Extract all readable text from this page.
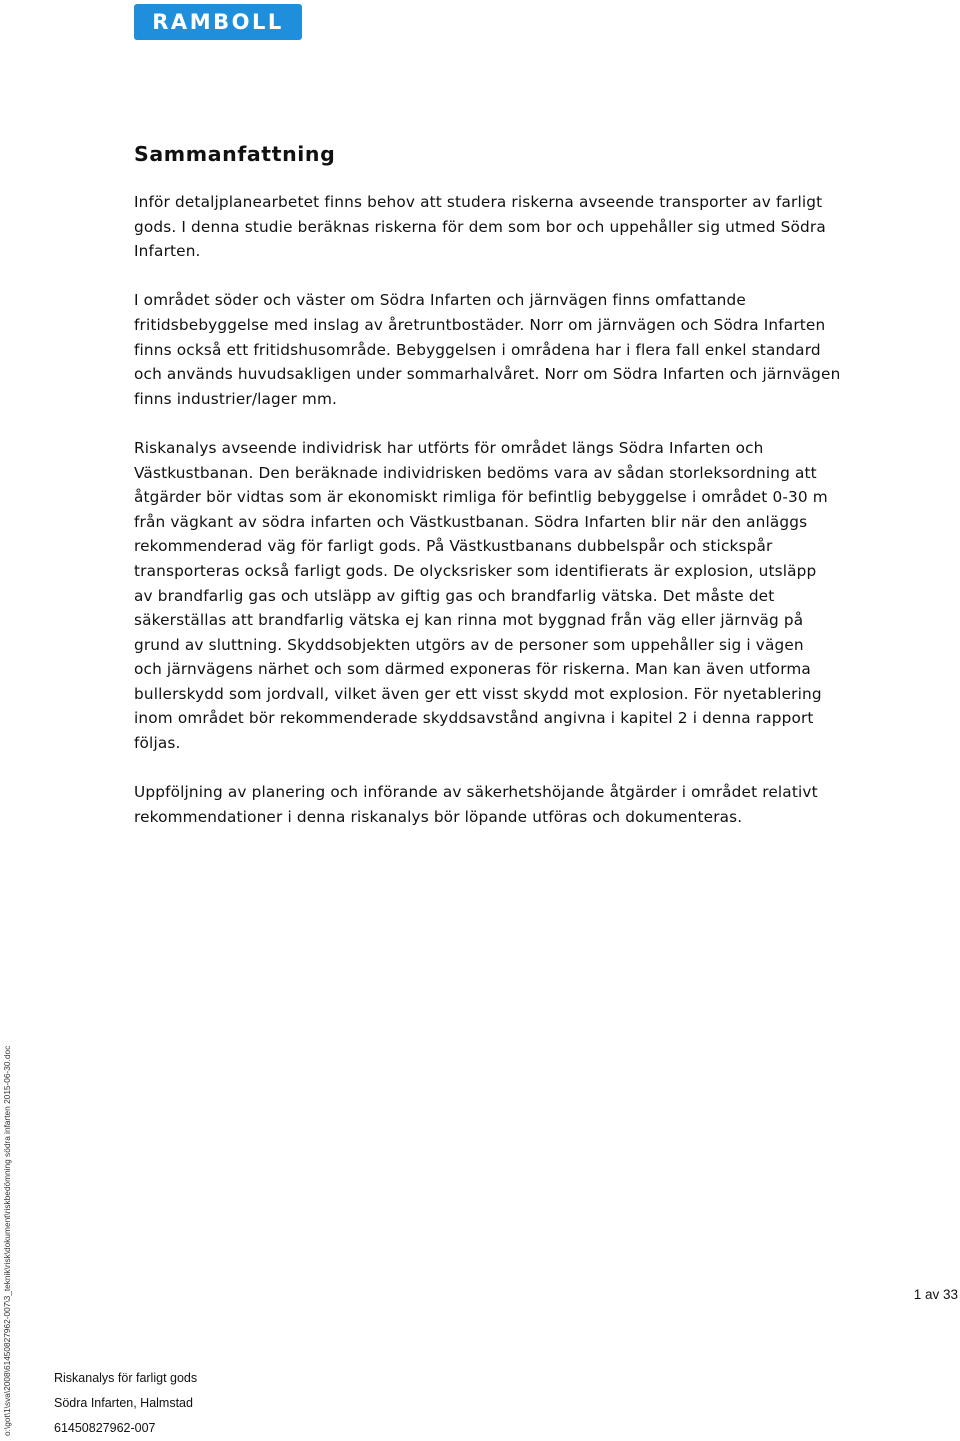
RAMBOLL
Sammanfattning

Inför detaljplanearbetet finns behov att studera riskerna avseende transporter av farligt gods. I denna studie beräknas riskerna för dem som bor och uppehåller sig utmed Södra Infarten.

I området söder och väster om Södra Infarten och järnvägen finns omfattande fritidsbebyggelse med inslag av åretruntbostäder. Norr om järnvägen och Södra Infarten finns också ett fritidshusområde. Bebyggelsen i områdena har i flera fall enkel standard och används huvudsakligen under sommarhalvåret. Norr om Södra Infarten och järnvägen finns industrier/lager mm.

Riskanalys avseende individrisk har utförts för området längs Södra Infarten och Västkustbanan. Den beräknade individrisken bedöms vara av sådan storleksordning att åtgärder bör vidtas som är ekonomiskt rimliga för befintlig bebyggelse i området 0-30 m från vägkant av södra infarten och Västkustbanan. Södra Infarten blir när den anläggs rekommenderad väg för farligt gods. På Västkustbanans dubbelspår och stickspår transporteras också farligt gods. De olycksrisker som identifierats är explosion, utsläpp av brandfarlig gas och utsläpp av giftig gas och brandfarlig vätska. Det måste det säkerställas att brandfarlig vätska ej kan rinna mot byggnad från väg eller järnväg på grund av sluttning. Skyddsobjekten utgörs av de personer som uppehåller sig i vägen och järnvägens närhet och som därmed exponeras för riskerna. Man kan även utforma bullerskydd som jordvall, vilket även ger ett visst skydd mot explosion. För nyetablering inom området bör rekommenderade skyddsavstånd angivna i kapitel 2 i denna rapport följas.

Uppföljning av planering och införande av säkerhetshöjande åtgärder i området relativt rekommendationer i denna riskanalys bör löpande utföras och dokumenteras.

o:\got\1\sva\2008\61450827962-007\3_teknik\risk\dokument\riskbedömning södra infarten 2015-06-30.doc	1 av 33
Riskanalys för farligt gods
Södra Infarten, Halmstad
61450827962-007
